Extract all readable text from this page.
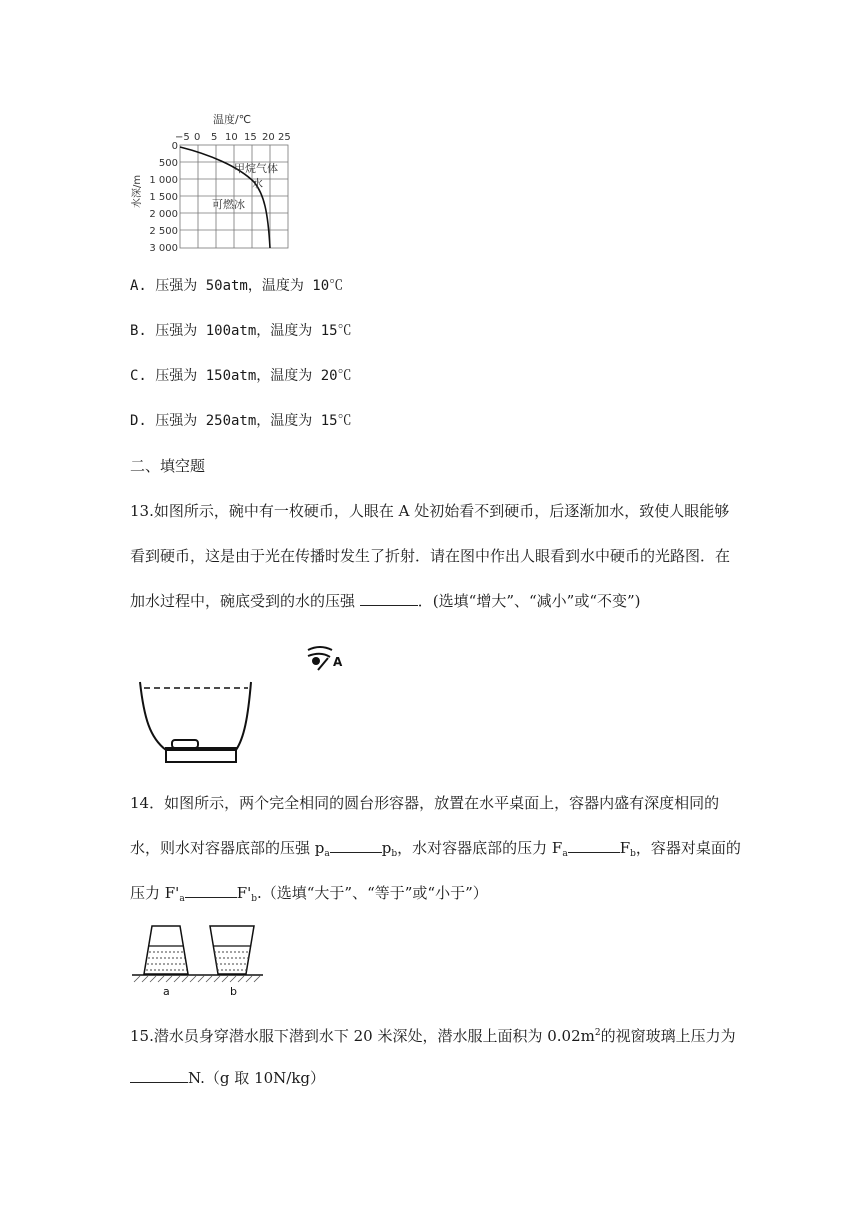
温度/℃
−5 0 5 10 15 20 25
水深/m
0
500
1 000
1 500
2 000
2 500
3 000
甲烷气体
水
可燃冰
A. 压强为 50atm，温度为 10℃
B. 压强为 100atm，温度为 15℃
C. 压强为 150atm，温度为 20℃
D. 压强为 250atm，温度为 15℃
二、填空题
13.如图所示，碗中有一枚硬币，人眼在 A 处初始看不到硬币，后逐渐加水，致使人眼能够
看到硬币，这是由于光在传播时发生了折射．请在图中作出人眼看到水中硬币的光路图．在
加水过程中，碗底受到的水的压强	．(选填“增大”、“减小”或“不变”)
A
14．如图所示，两个完全相同的圆台形容器，放置在水平桌面上，容器内盛有深度相同的
水，则水对容器底部的压强 $p_a$	$p_b$，水对容器底部的压力 $F_a$	$F_b$，容器对桌面的
压力 $F'_a$	$F'_b$.（选填“大于”、“等于”或“小于”）
a	b
15.潜水员身穿潜水服下潜到水下 20 米深处，潜水服上面积为 $0.02m^2$的视窗玻璃上压力为
N.（g 取 10N/kg）
